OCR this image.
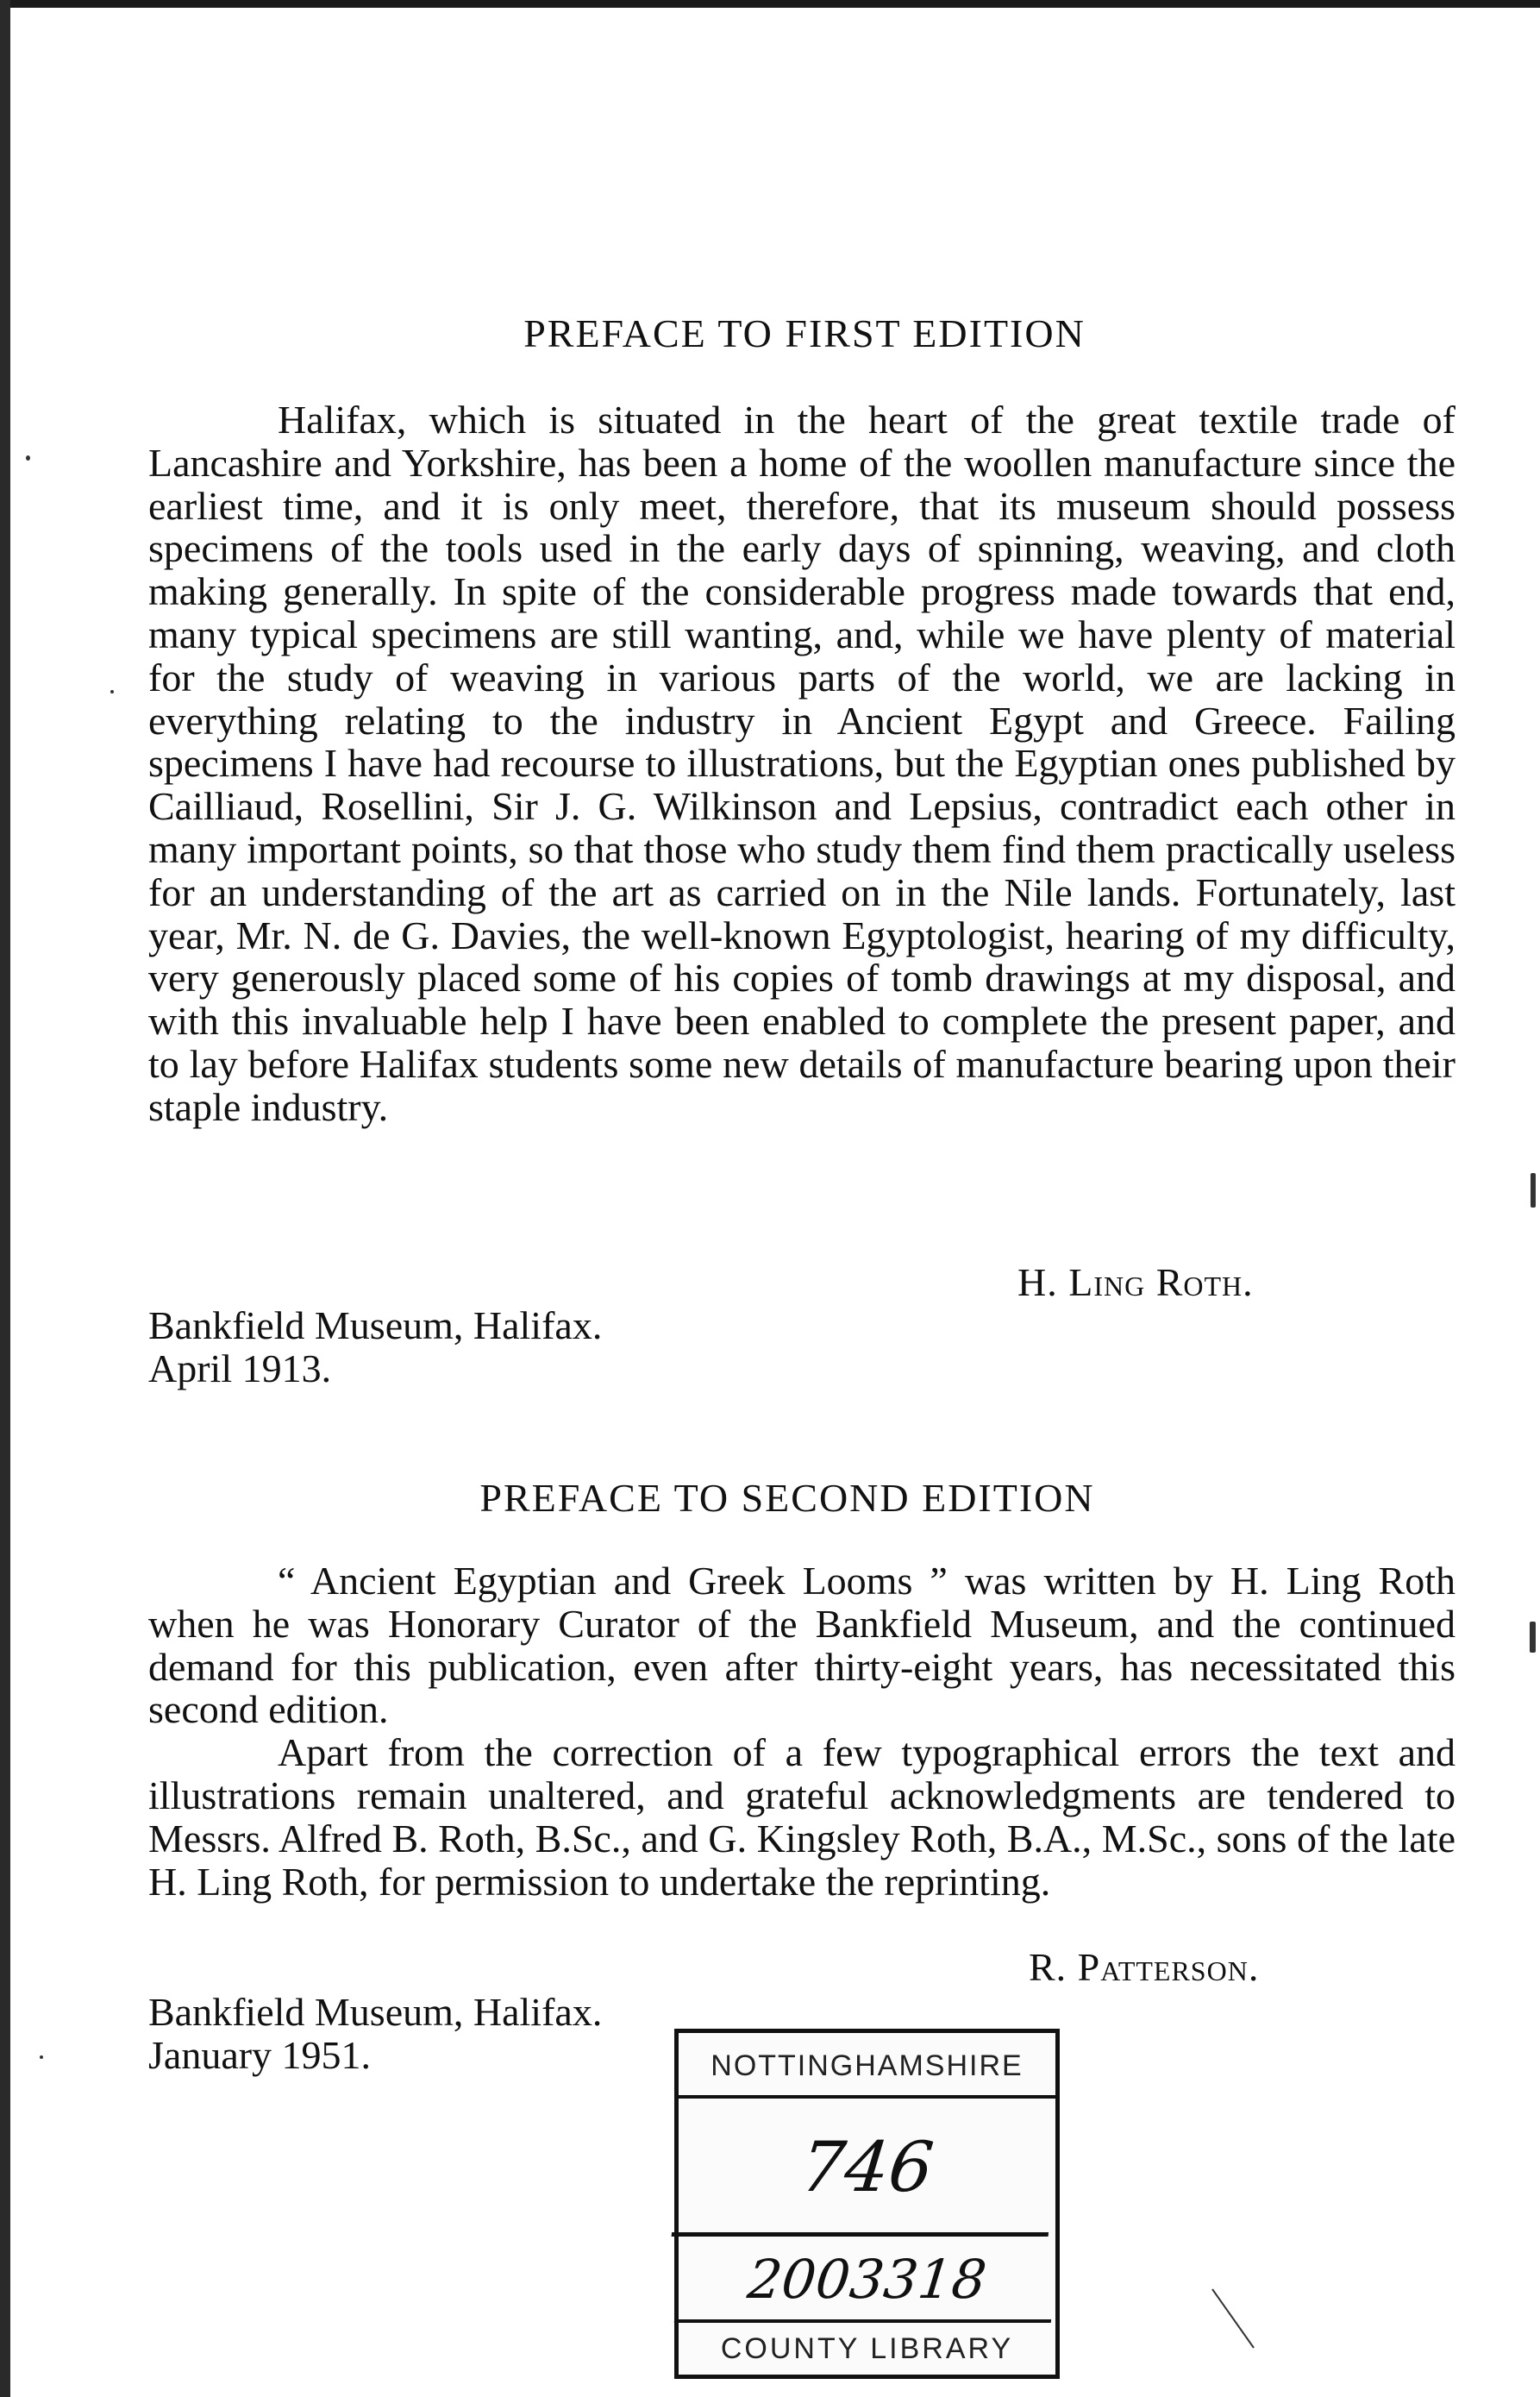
PREFACE TO FIRST EDITION

Halifax, which is situated in the heart of the great textile trade of Lancashire and Yorkshire, has been a home of the woollen manufacture since the earliest time, and it is only meet, therefore, that its museum should possess specimens of the tools used in the early days of spinning, weaving, and cloth making generally. In spite of the considerable progress made towards that end, many typical specimens are still wanting, and, while we have plenty of material for the study of weaving in various parts of the world, we are lacking in everything relating to the industry in Ancient Egypt and Greece. Failing specimens I have had recourse to illustrations, but the Egyptian ones published by Cailliaud, Rosellini, Sir J. G. Wilkinson and Lepsius, contradict each other in many important points, so that those who study them find them practically useless for an understanding of the art as carried on in the Nile lands. Fortunately, last year, Mr. N. de G. Davies, the well-known Egyptologist, hearing of my difficulty, very generously placed some of his copies of tomb drawings at my disposal, and with this invaluable help I have been enabled to complete the present paper, and to lay before Halifax students some new details of manufacture bearing upon their staple industry.

H. Ling Roth.
Bankfield Museum, Halifax.
April 1913.
PREFACE TO SECOND EDITION

“ Ancient Egyptian and Greek Looms ” was written by H. Ling Roth when he was Honorary Curator of the Bankfield Museum, and the continued demand for this publication, even after thirty-eight years, has necessitated this second edition.

Apart from the correction of a few typographical errors the text and illustrations remain unaltered, and grateful acknowledgments are tendered to Messrs. Alfred B. Roth, B.Sc., and G. Kingsley Roth, B.A., M.Sc., sons of the late H. Ling Roth, for permission to undertake the reprinting.

R. Patterson.
Bankfield Museum, Halifax.
January 1951.	NOTTINGHAMSHIRE
746
2003318
COUNTY LIBRARY
